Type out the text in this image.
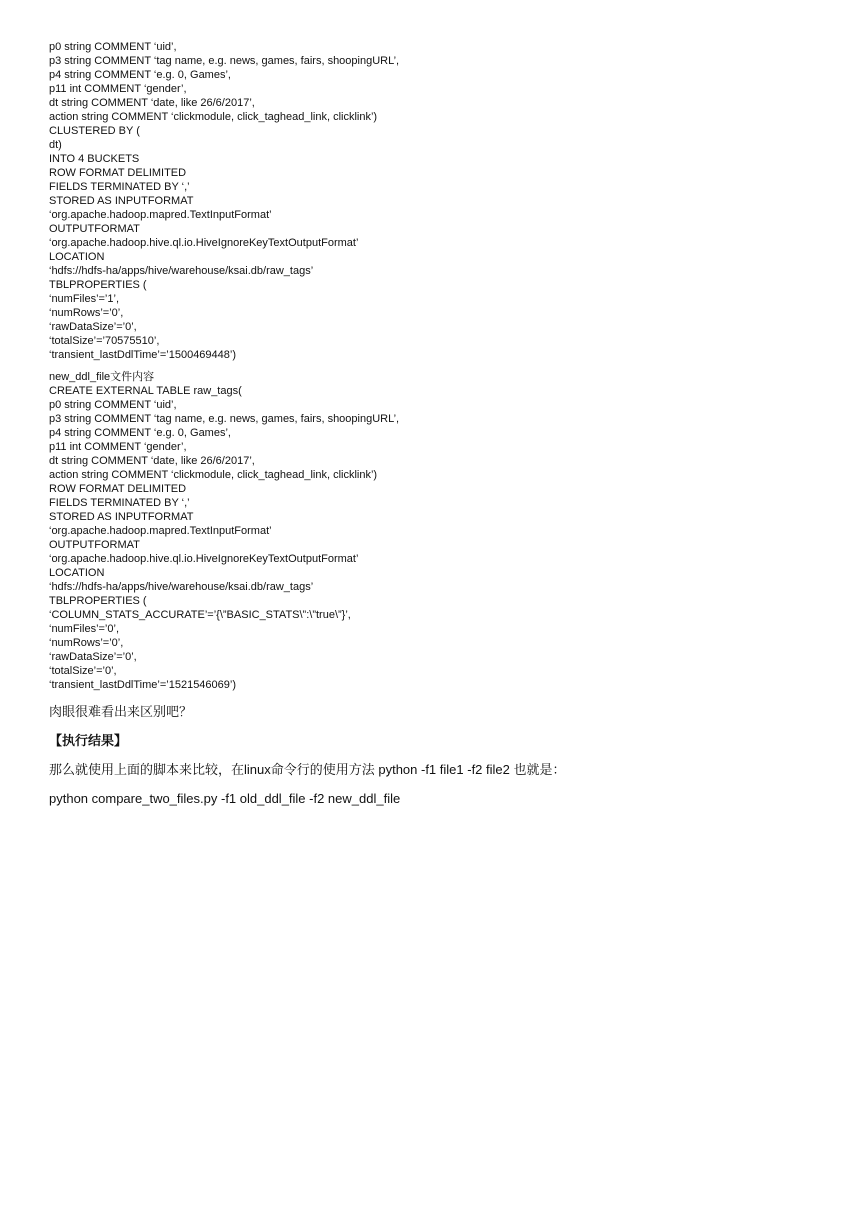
p0 string COMMENT ‘uid’,
p3 string COMMENT ‘tag name, e.g. news, games, fairs, shoopingURL’,
p4 string COMMENT ‘e.g. 0, Games’,
p11 int COMMENT ‘gender’,
dt string COMMENT ‘date, like 26/6/2017’,
action string COMMENT ‘clickmodule, click_taghead_link, clicklink’)
CLUSTERED BY (
dt)
INTO 4 BUCKETS
ROW FORMAT DELIMITED
FIELDS TERMINATED BY ‘,’
STORED AS INPUTFORMAT
‘org.apache.hadoop.mapred.TextInputFormat’
OUTPUTFORMAT
‘org.apache.hadoop.hive.ql.io.HiveIgnoreKeyTextOutputFormat’
LOCATION
‘hdfs://hdfs-ha/apps/hive/warehouse/ksai.db/raw_tags’
TBLPROPERTIES (
‘numFiles’=’1’,
‘numRows’=’0’,
‘rawDataSize’=’0’,
‘totalSize’=’70575510’,
‘transient_lastDdlTime’=’1500469448’)
new_ddl_file文件内容
CREATE EXTERNAL TABLE raw_tags(
p0 string COMMENT ‘uid’,
p3 string COMMENT ‘tag name, e.g. news, games, fairs, shoopingURL’,
p4 string COMMENT ‘e.g. 0, Games’,
p11 int COMMENT ‘gender’,
dt string COMMENT ‘date, like 26/6/2017’,
action string COMMENT ‘clickmodule, click_taghead_link, clicklink’)
ROW FORMAT DELIMITED
FIELDS TERMINATED BY ‘,’
STORED AS INPUTFORMAT
‘org.apache.hadoop.mapred.TextInputFormat’
OUTPUTFORMAT
‘org.apache.hadoop.hive.ql.io.HiveIgnoreKeyTextOutputFormat’
LOCATION
‘hdfs://hdfs-ha/apps/hive/warehouse/ksai.db/raw_tags’
TBLPROPERTIES (
‘COLUMN_STATS_ACCURATE’=’{\”BASIC_STATS\”:\”true\”}’,
‘numFiles’=’0’,
‘numRows’=’0’,
‘rawDataSize’=’0’,
‘totalSize’=’0’,
‘transient_lastDdlTime’=’1521546069’)

肉眼很难看出来区别吧？

【执行结果】

那么就使用上面的脚本来比较，在linux命令行的使用方法 python -f1 file1 -f2 file2 也就是：

python compare_two_files.py -f1 old_ddl_file -f2 new_ddl_file
